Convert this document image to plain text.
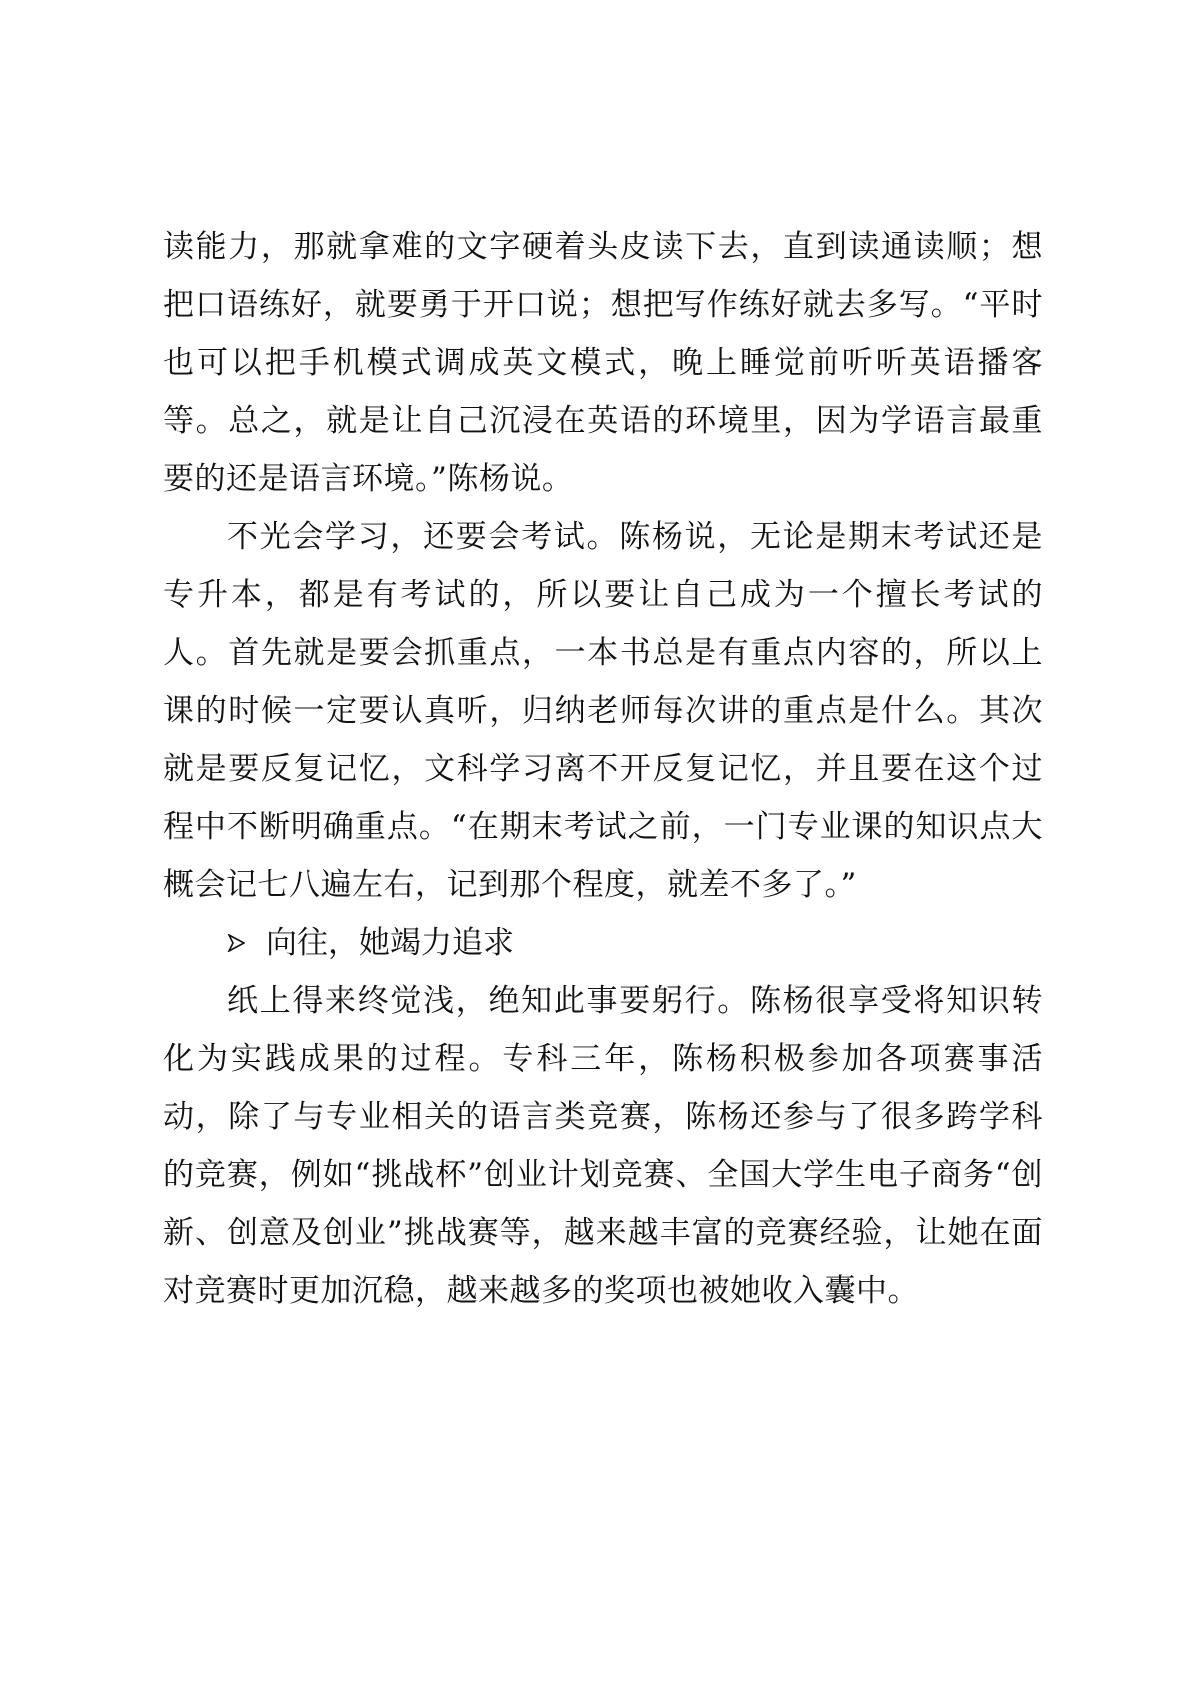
读能力，那就拿难的文字硬着头皮读下去，直到读通读顺；想把口语练好，就要勇于开口说；想把写作练好就去多写。“平时也可以把手机模式调成英文模式，晚上睡觉前听听英语播客等。总之，就是让自己沉浸在英语的环境里，因为学语言最重要的还是语言环境。”陈杨说。

不光会学习，还要会考试。陈杨说，无论是期末考试还是专升本，都是有考试的，所以要让自己成为一个擅长考试的人。首先就是要会抓重点，一本书总是有重点内容的，所以上课的时候一定要认真听，归纳老师每次讲的重点是什么。其次就是要反复记忆，文科学习离不开反复记忆，并且要在这个过程中不断明确重点。“在期末考试之前，一门专业课的知识点大概会记七八遍左右，记到那个程度，就差不多了。”

向往，她竭力追求

纸上得来终觉浅，绝知此事要躬行。陈杨很享受将知识转化为实践成果的过程。专科三年，陈杨积极参加各项赛事活动，除了与专业相关的语言类竞赛，陈杨还参与了很多跨学科的竞赛，例如“挑战杯”创业计划竞赛、全国大学生电子商务“创新、创意及创业”挑战赛等，越来越丰富的竞赛经验，让她在面对竞赛时更加沉稳，越来越多的奖项也被她收入囊中。
